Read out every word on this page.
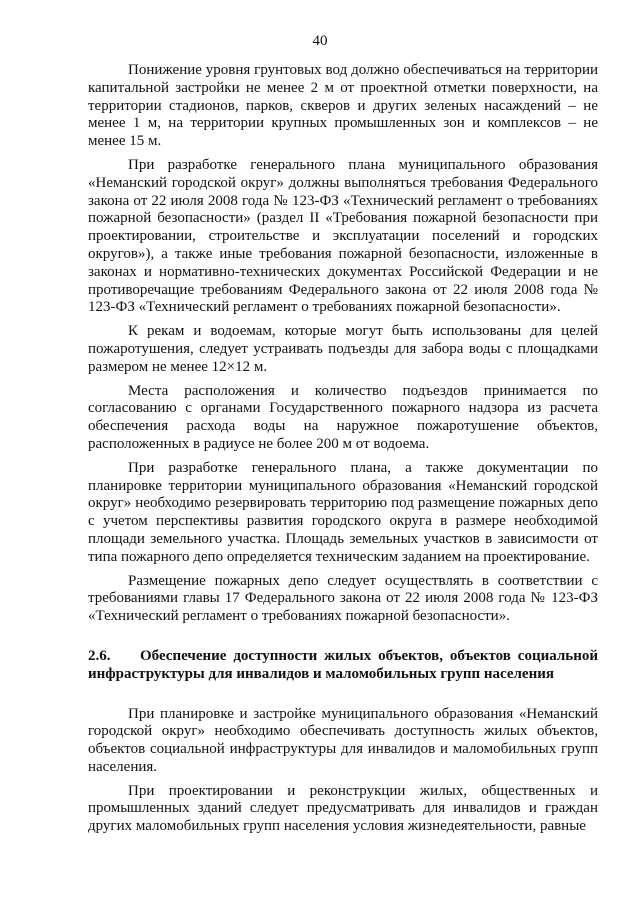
40

Понижение уровня грунтовых вод должно обеспечиваться на территории капитальной застройки не менее 2 м от проектной отметки поверхности, на территории стадионов, парков, скверов и других зеленых насаждений – не менее 1 м, на территории крупных промышленных зон и комплексов – не менее 15 м.

При разработке генерального плана муниципального образования «Неманский городской округ» должны выполняться требования Федерального закона от 22 июля 2008 года № 123-ФЗ «Технический регламент о требованиях пожарной безопасности» (раздел II «Требования пожарной безопасности при проектировании, строительстве и эксплуатации поселений и городских округов»), а также иные требования пожарной безопасности, изложенные в законах и нормативно-технических документах Российской Федерации и не противоречащие требованиям Федерального закона от 22 июля 2008 года № 123-ФЗ «Технический регламент о требованиях пожарной безопасности».

К рекам и водоемам, которые могут быть использованы для целей пожаротушения, следует устраивать подъезды для забора воды с площадками размером не менее 12×12 м.

Места расположения и количество подъездов принимается по согласованию с органами Государственного пожарного надзора из расчета обеспечения расхода воды на наружное пожаротушение объектов, расположенных в радиусе не более 200 м от водоема.

При разработке генерального плана, а также документации по планировке территории муниципального образования «Неманский городской округ» необходимо резервировать территорию под размещение пожарных депо с учетом перспективы развития городского округа в размере необходимой площади земельного участка. Площадь земельных участков в зависимости от типа пожарного депо определяется техническим заданием на проектирование.

Размещение пожарных депо следует осуществлять в соответствии с требованиями главы 17 Федерального закона от 22 июля 2008 года № 123-ФЗ «Технический регламент о требованиях пожарной безопасности».

2.6. Обеспечение доступности жилых объектов, объектов социальной инфраструктуры для инвалидов и маломобильных групп населения

При планировке и застройке муниципального образования «Неманский городской округ» необходимо обеспечивать доступность жилых объектов, объектов социальной инфраструктуры для инвалидов и маломобильных групп населения.

При проектировании и реконструкции жилых, общественных и промышленных зданий следует предусматривать для инвалидов и граждан других маломобильных групп населения условия жизнедеятельности, равные
